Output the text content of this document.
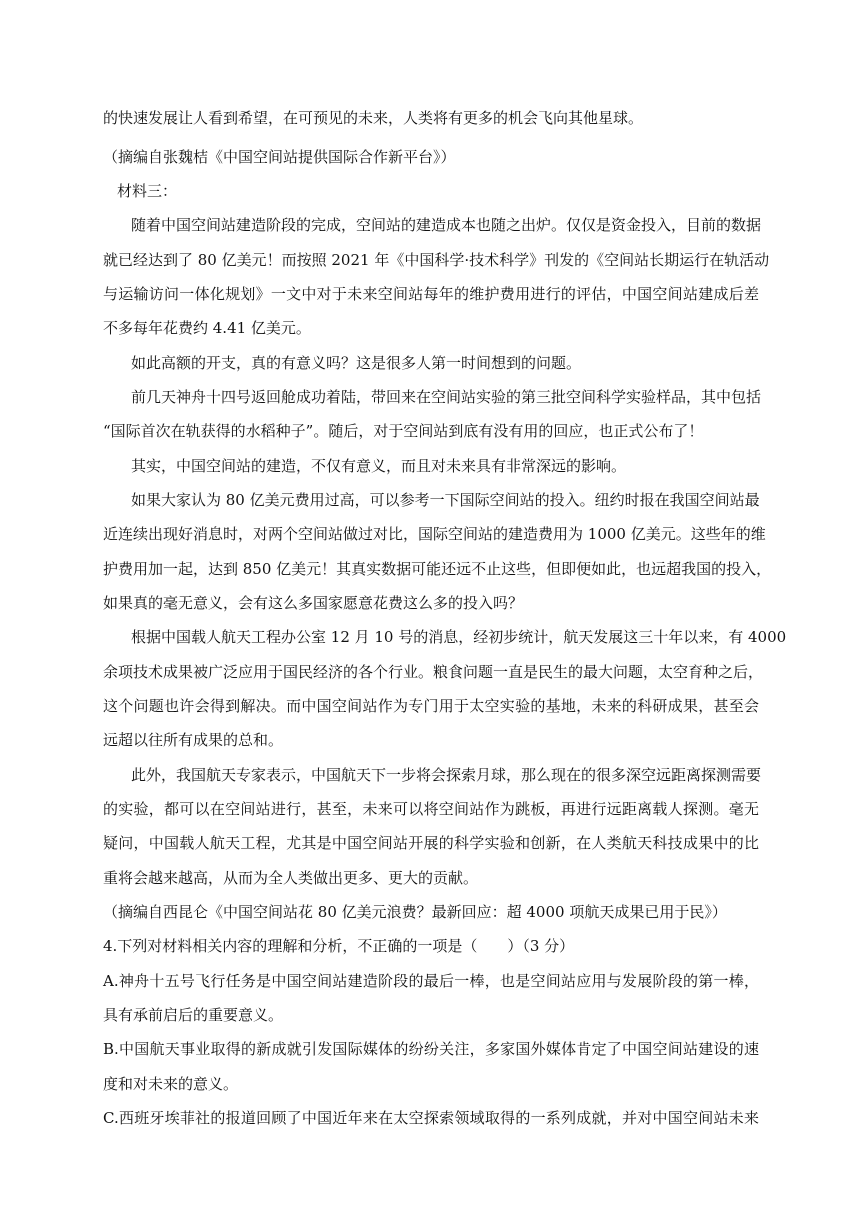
的快速发展让人看到希望，在可预见的未来，人类将有更多的机会飞向其他星球。
（摘编自张魏桔《中国空间站提供国际合作新平台》）
材料三：
随着中国空间站建造阶段的完成，空间站的建造成本也随之出炉。仅仅是资金投入，目前的数据
就已经达到了 80 亿美元！而按照 2021 年《中国科学·技术科学》刊发的《空间站长期运行在轨活动
与运输访问一体化规划》一文中对于未来空间站每年的维护费用进行的评估，中国空间站建成后差
不多每年花费约 4.41 亿美元。
如此高额的开支，真的有意义吗？这是很多人第一时间想到的问题。
前几天神舟十四号返回舱成功着陆，带回来在空间站实验的第三批空间科学实验样品，其中包括
“国际首次在轨获得的水稻种子”。随后，对于空间站到底有没有用的回应，也正式公布了！
其实，中国空间站的建造，不仅有意义，而且对未来具有非常深远的影响。
如果大家认为 80 亿美元费用过高，可以参考一下国际空间站的投入。纽约时报在我国空间站最
近连续出现好消息时，对两个空间站做过对比，国际空间站的建造费用为 1000 亿美元。这些年的维
护费用加一起，达到 850 亿美元！其真实数据可能还远不止这些，但即便如此，也远超我国的投入，
如果真的毫无意义，会有这么多国家愿意花费这么多的投入吗？
根据中国载人航天工程办公室 12 月 10 号的消息，经初步统计，航天发展这三十年以来，有 4000
余项技术成果被广泛应用于国民经济的各个行业。粮食问题一直是民生的最大问题，太空育种之后，
这个问题也许会得到解决。而中国空间站作为专门用于太空实验的基地，未来的科研成果，甚至会
远超以往所有成果的总和。
此外，我国航天专家表示，中国航天下一步将会探索月球，那么现在的很多深空远距离探测需要
的实验，都可以在空间站进行，甚至，未来可以将空间站作为跳板，再进行远距离载人探测。毫无
疑问，中国载人航天工程，尤其是中国空间站开展的科学实验和创新，在人类航天科技成果中的比
重将会越来越高，从而为全人类做出更多、更大的贡献。
（摘编自西昆仑《中国空间站花 80 亿美元浪费？最新回应：超 4000 项航天成果已用于民》）
4.下列对材料相关内容的理解和分析，不正确的一项是（　　）（3 分）
A.神舟十五号飞行任务是中国空间站建造阶段的最后一棒，也是空间站应用与发展阶段的第一棒，
具有承前启后的重要意义。
B.中国航天事业取得的新成就引发国际媒体的纷纷关注，多家国外媒体肯定了中国空间站建设的速
度和对未来的意义。
C.西班牙埃菲社的报道回顾了中国近年来在太空探索领域取得的一系列成就，并对中国空间站未来
